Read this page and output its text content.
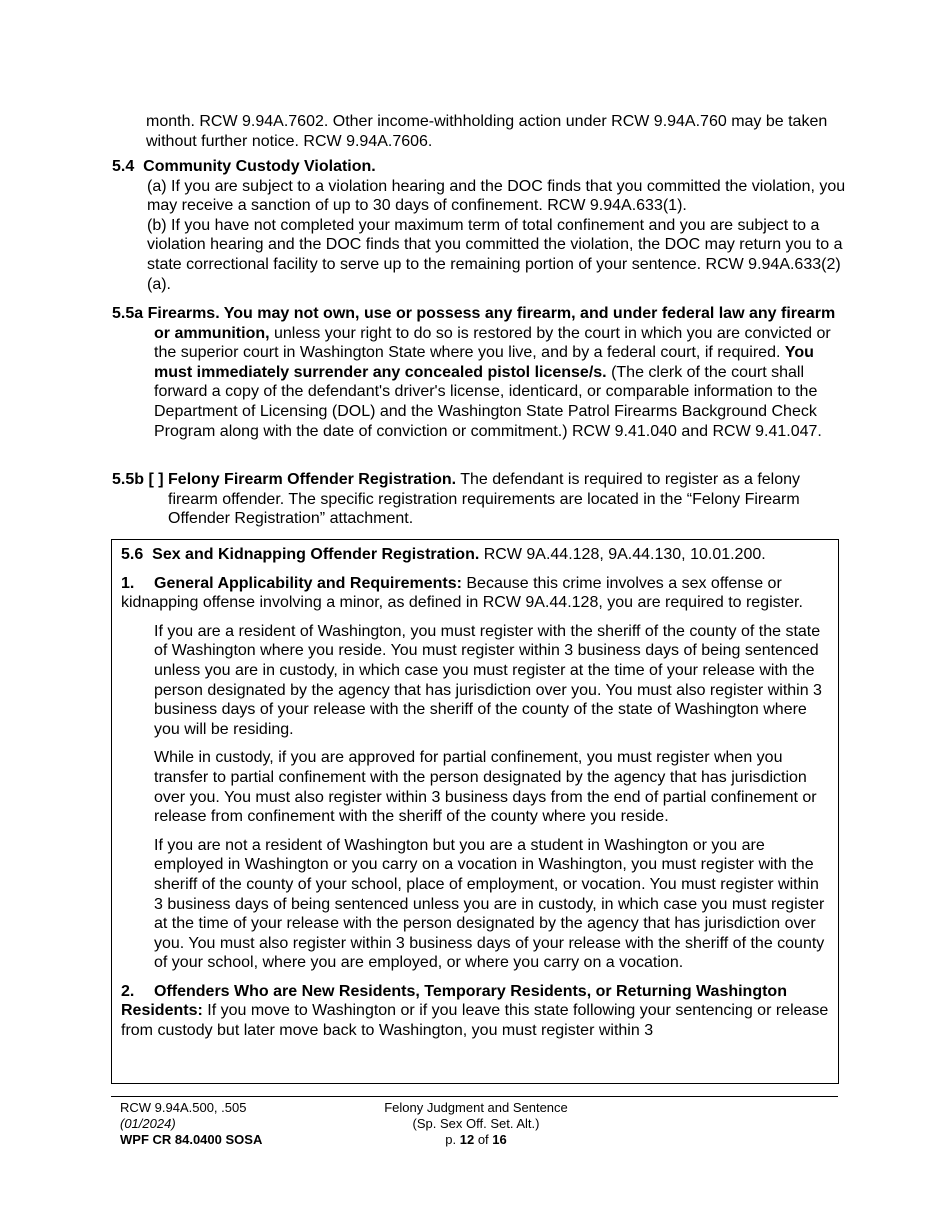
month. RCW 9.94A.7602. Other income-withholding action under RCW 9.94A.760 may be taken without further notice. RCW 9.94A.7606.

5.4 Community Custody Violation.

(a) If you are subject to a violation hearing and the DOC finds that you committed the violation, you may receive a sanction of up to 30 days of confinement. RCW 9.94A.633(1).

(b) If you have not completed your maximum term of total confinement and you are subject to a violation hearing and the DOC finds that you committed the violation, the DOC may return you to a state correctional facility to serve up to the remaining portion of your sentence. RCW 9.94A.633(2)(a).

5.5a Firearms. You may not own, use or possess any firearm, and under federal law any firearm or ammunition, unless your right to do so is restored by the court in which you are convicted or the superior court in Washington State where you live, and by a federal court, if required. You must immediately surrender any concealed pistol license/s. (The clerk of the court shall forward a copy of the defendant's driver's license, identicard, or comparable information to the Department of Licensing (DOL) and the Washington State Patrol Firearms Background Check Program along with the date of conviction or commitment.) RCW 9.41.040 and RCW 9.41.047.

5.5b [ ] Felony Firearm Offender Registration. The defendant is required to register as a felony firearm offender. The specific registration requirements are located in the “Felony Firearm Offender Registration” attachment.

5.6 Sex and Kidnapping Offender Registration. RCW 9A.44.128, 9A.44.130, 10.01.200.

1. General Applicability and Requirements: Because this crime involves a sex offense or kidnapping offense involving a minor, as defined in RCW 9A.44.128, you are required to register.

If you are a resident of Washington, you must register with the sheriff of the county of the state of Washington where you reside. You must register within 3 business days of being sentenced unless you are in custody, in which case you must register at the time of your release with the person designated by the agency that has jurisdiction over you. You must also register within 3 business days of your release with the sheriff of the county of the state of Washington where you will be residing.

While in custody, if you are approved for partial confinement, you must register when you transfer to partial confinement with the person designated by the agency that has jurisdiction over you. You must also register within 3 business days from the end of partial confinement or release from confinement with the sheriff of the county where you reside.

If you are not a resident of Washington but you are a student in Washington or you are employed in Washington or you carry on a vocation in Washington, you must register with the sheriff of the county of your school, place of employment, or vocation. You must register within 3 business days of being sentenced unless you are in custody, in which case you must register at the time of your release with the person designated by the agency that has jurisdiction over you. You must also register within 3 business days of your release with the sheriff of the county of your school, where you are employed, or where you carry on a vocation.

2. Offenders Who are New Residents, Temporary Residents, or Returning Washington Residents: If you move to Washington or if you leave this state following your sentencing or release from custody but later move back to Washington, you must register within 3

RCW 9.94A.500, .505
(01/2024)
WPF CR 84.0400 SOSA
Felony Judgment and Sentence
(Sp. Sex Off. Set. Alt.)
p. 12 of 16
